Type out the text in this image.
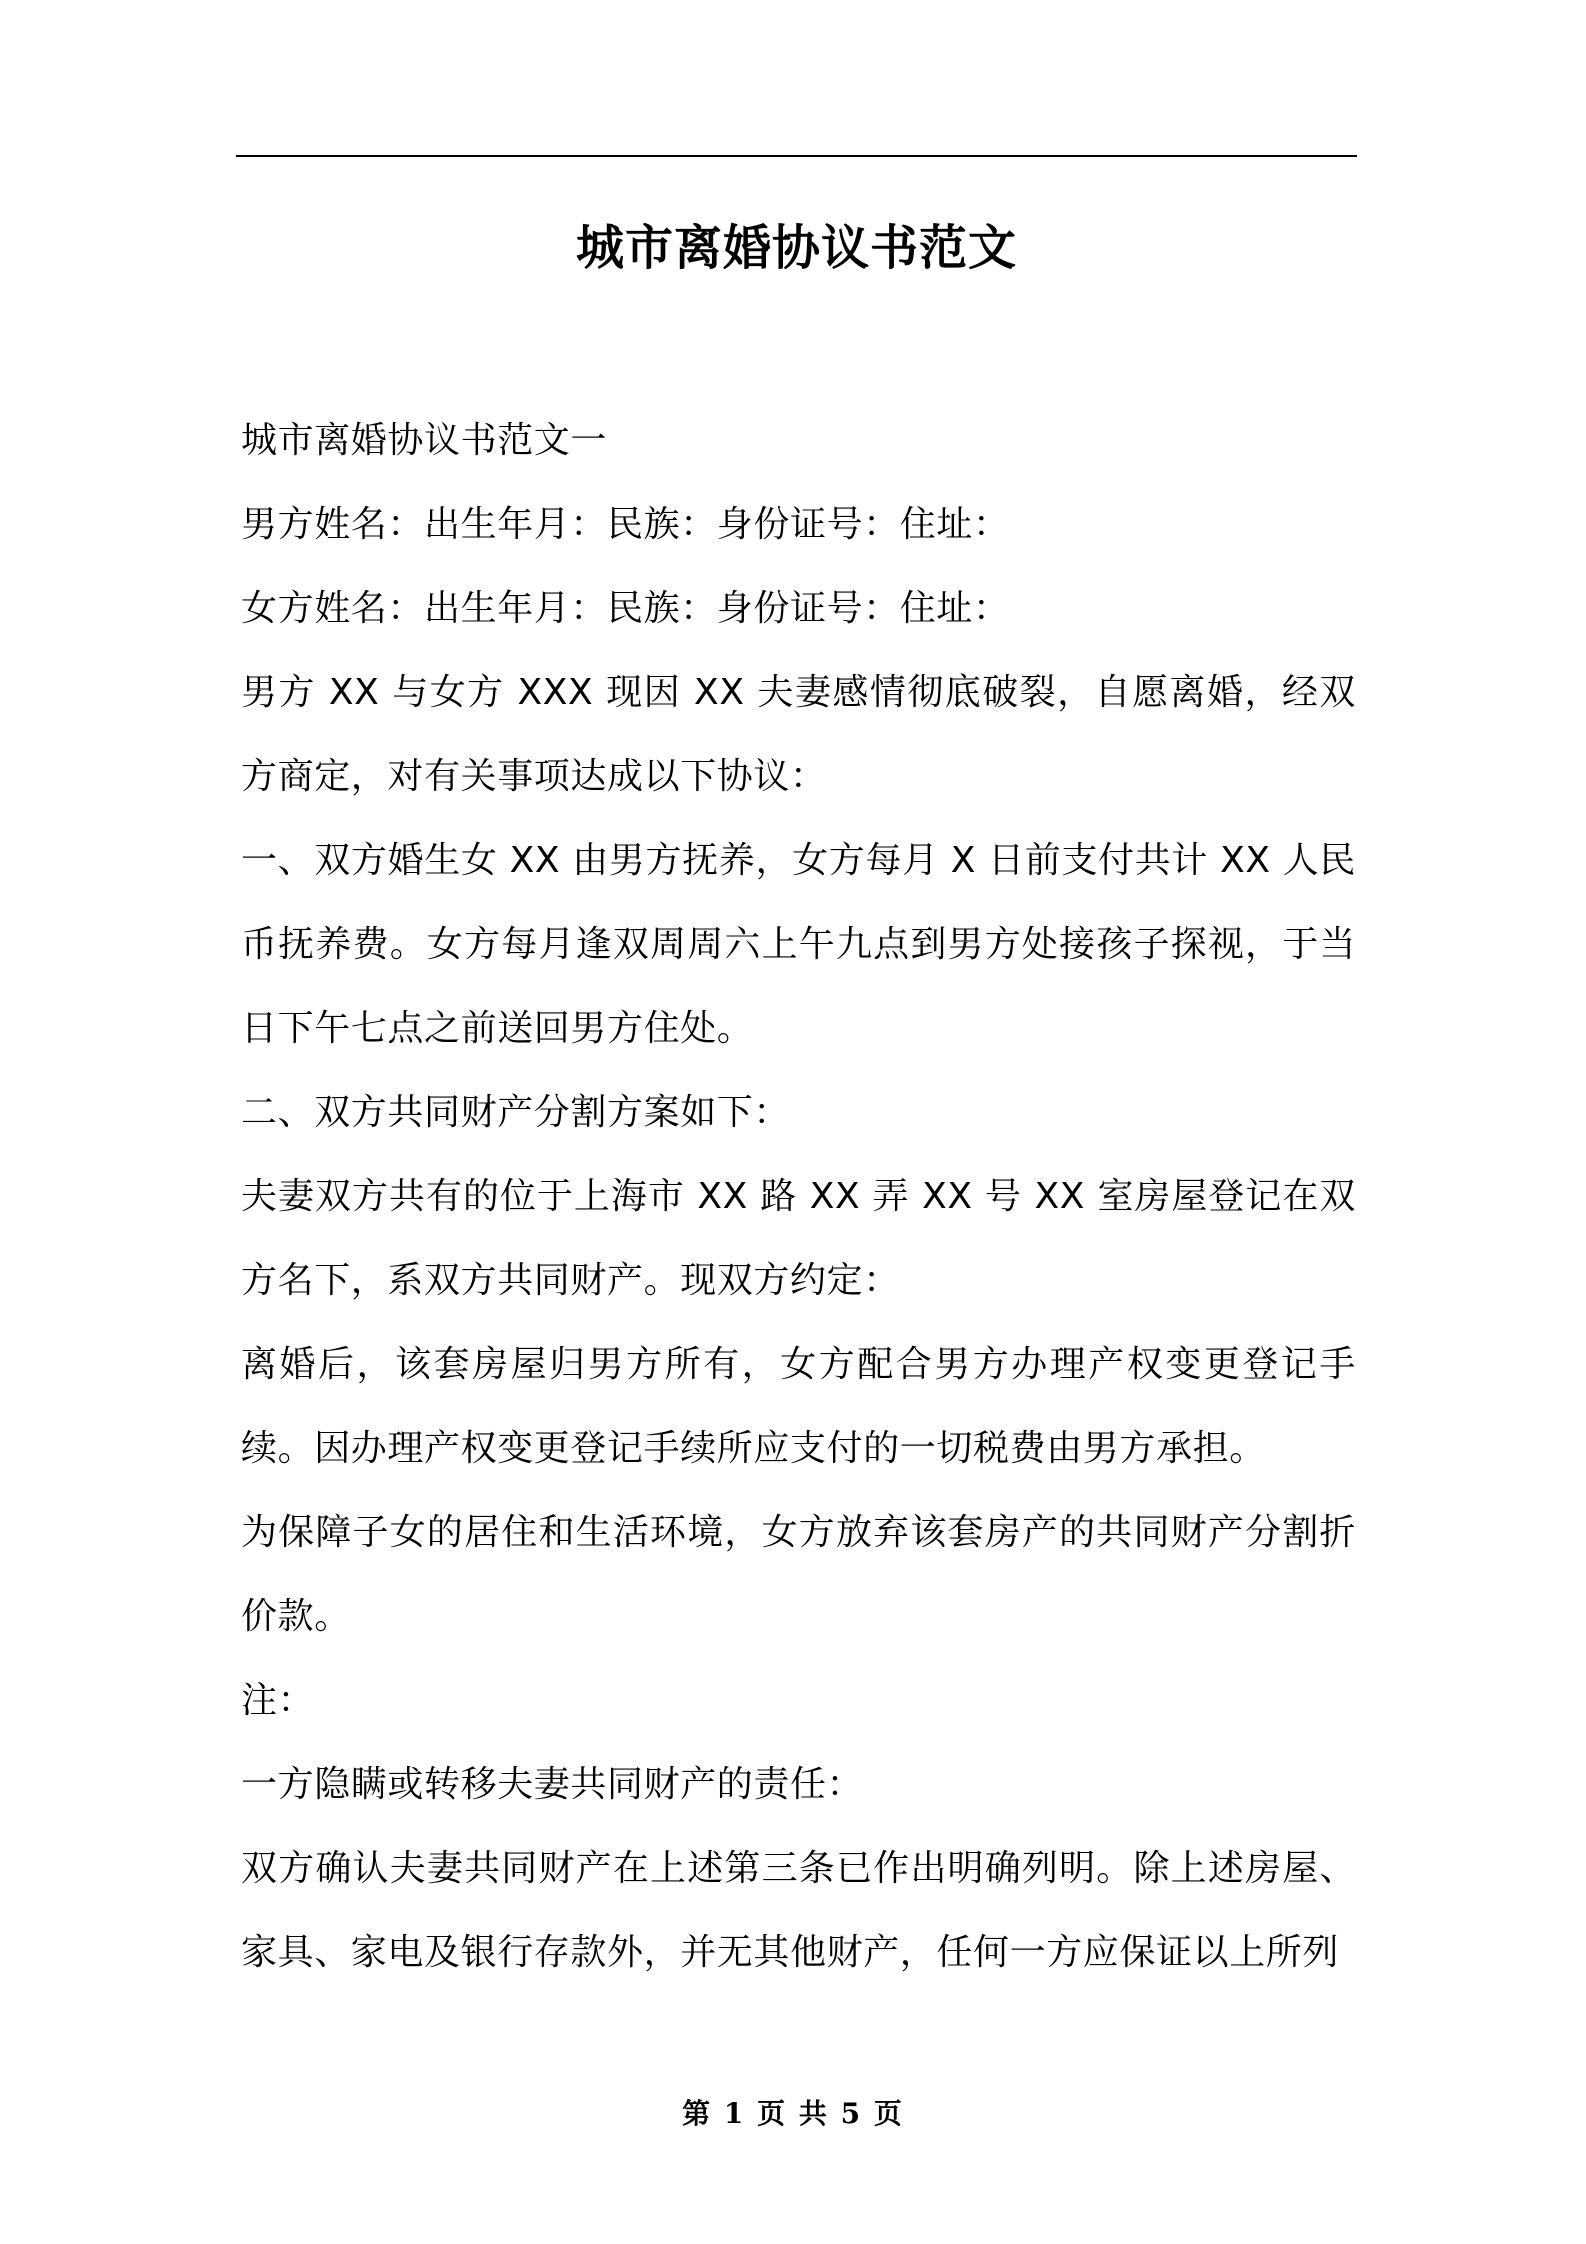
城市离婚协议书范文

城市离婚协议书范文一

男方姓名：出生年月：民族：身份证号：住址：

女方姓名：出生年月：民族：身份证号：住址：

男方 XX 与女方 XXX 现因 XX 夫妻感情彻底破裂，自愿离婚，经双方商定，对有关事项达成以下协议：

一、双方婚生女 XX 由男方抚养，女方每月 X 日前支付共计 XX 人民币抚养费。女方每月逢双周周六上午九点到男方处接孩子探视，于当日下午七点之前送回男方住处。

二、双方共同财产分割方案如下：

夫妻双方共有的位于上海市 XX 路 XX 弄 XX 号 XX 室房屋登记在双方名下，系双方共同财产。现双方约定：

离婚后，该套房屋归男方所有，女方配合男方办理产权变更登记手续。因办理产权变更登记手续所应支付的一切税费由男方承担。

为保障子女的居住和生活环境，女方放弃该套房产的共同财产分割折价款。

注：

一方隐瞒或转移夫妻共同财产的责任：

双方确认夫妻共同财产在上述第三条已作出明确列明。除上述房屋、家具、家电及银行存款外，并无其他财产，任何一方应保证以上所列

第 1 页 共 5 页
